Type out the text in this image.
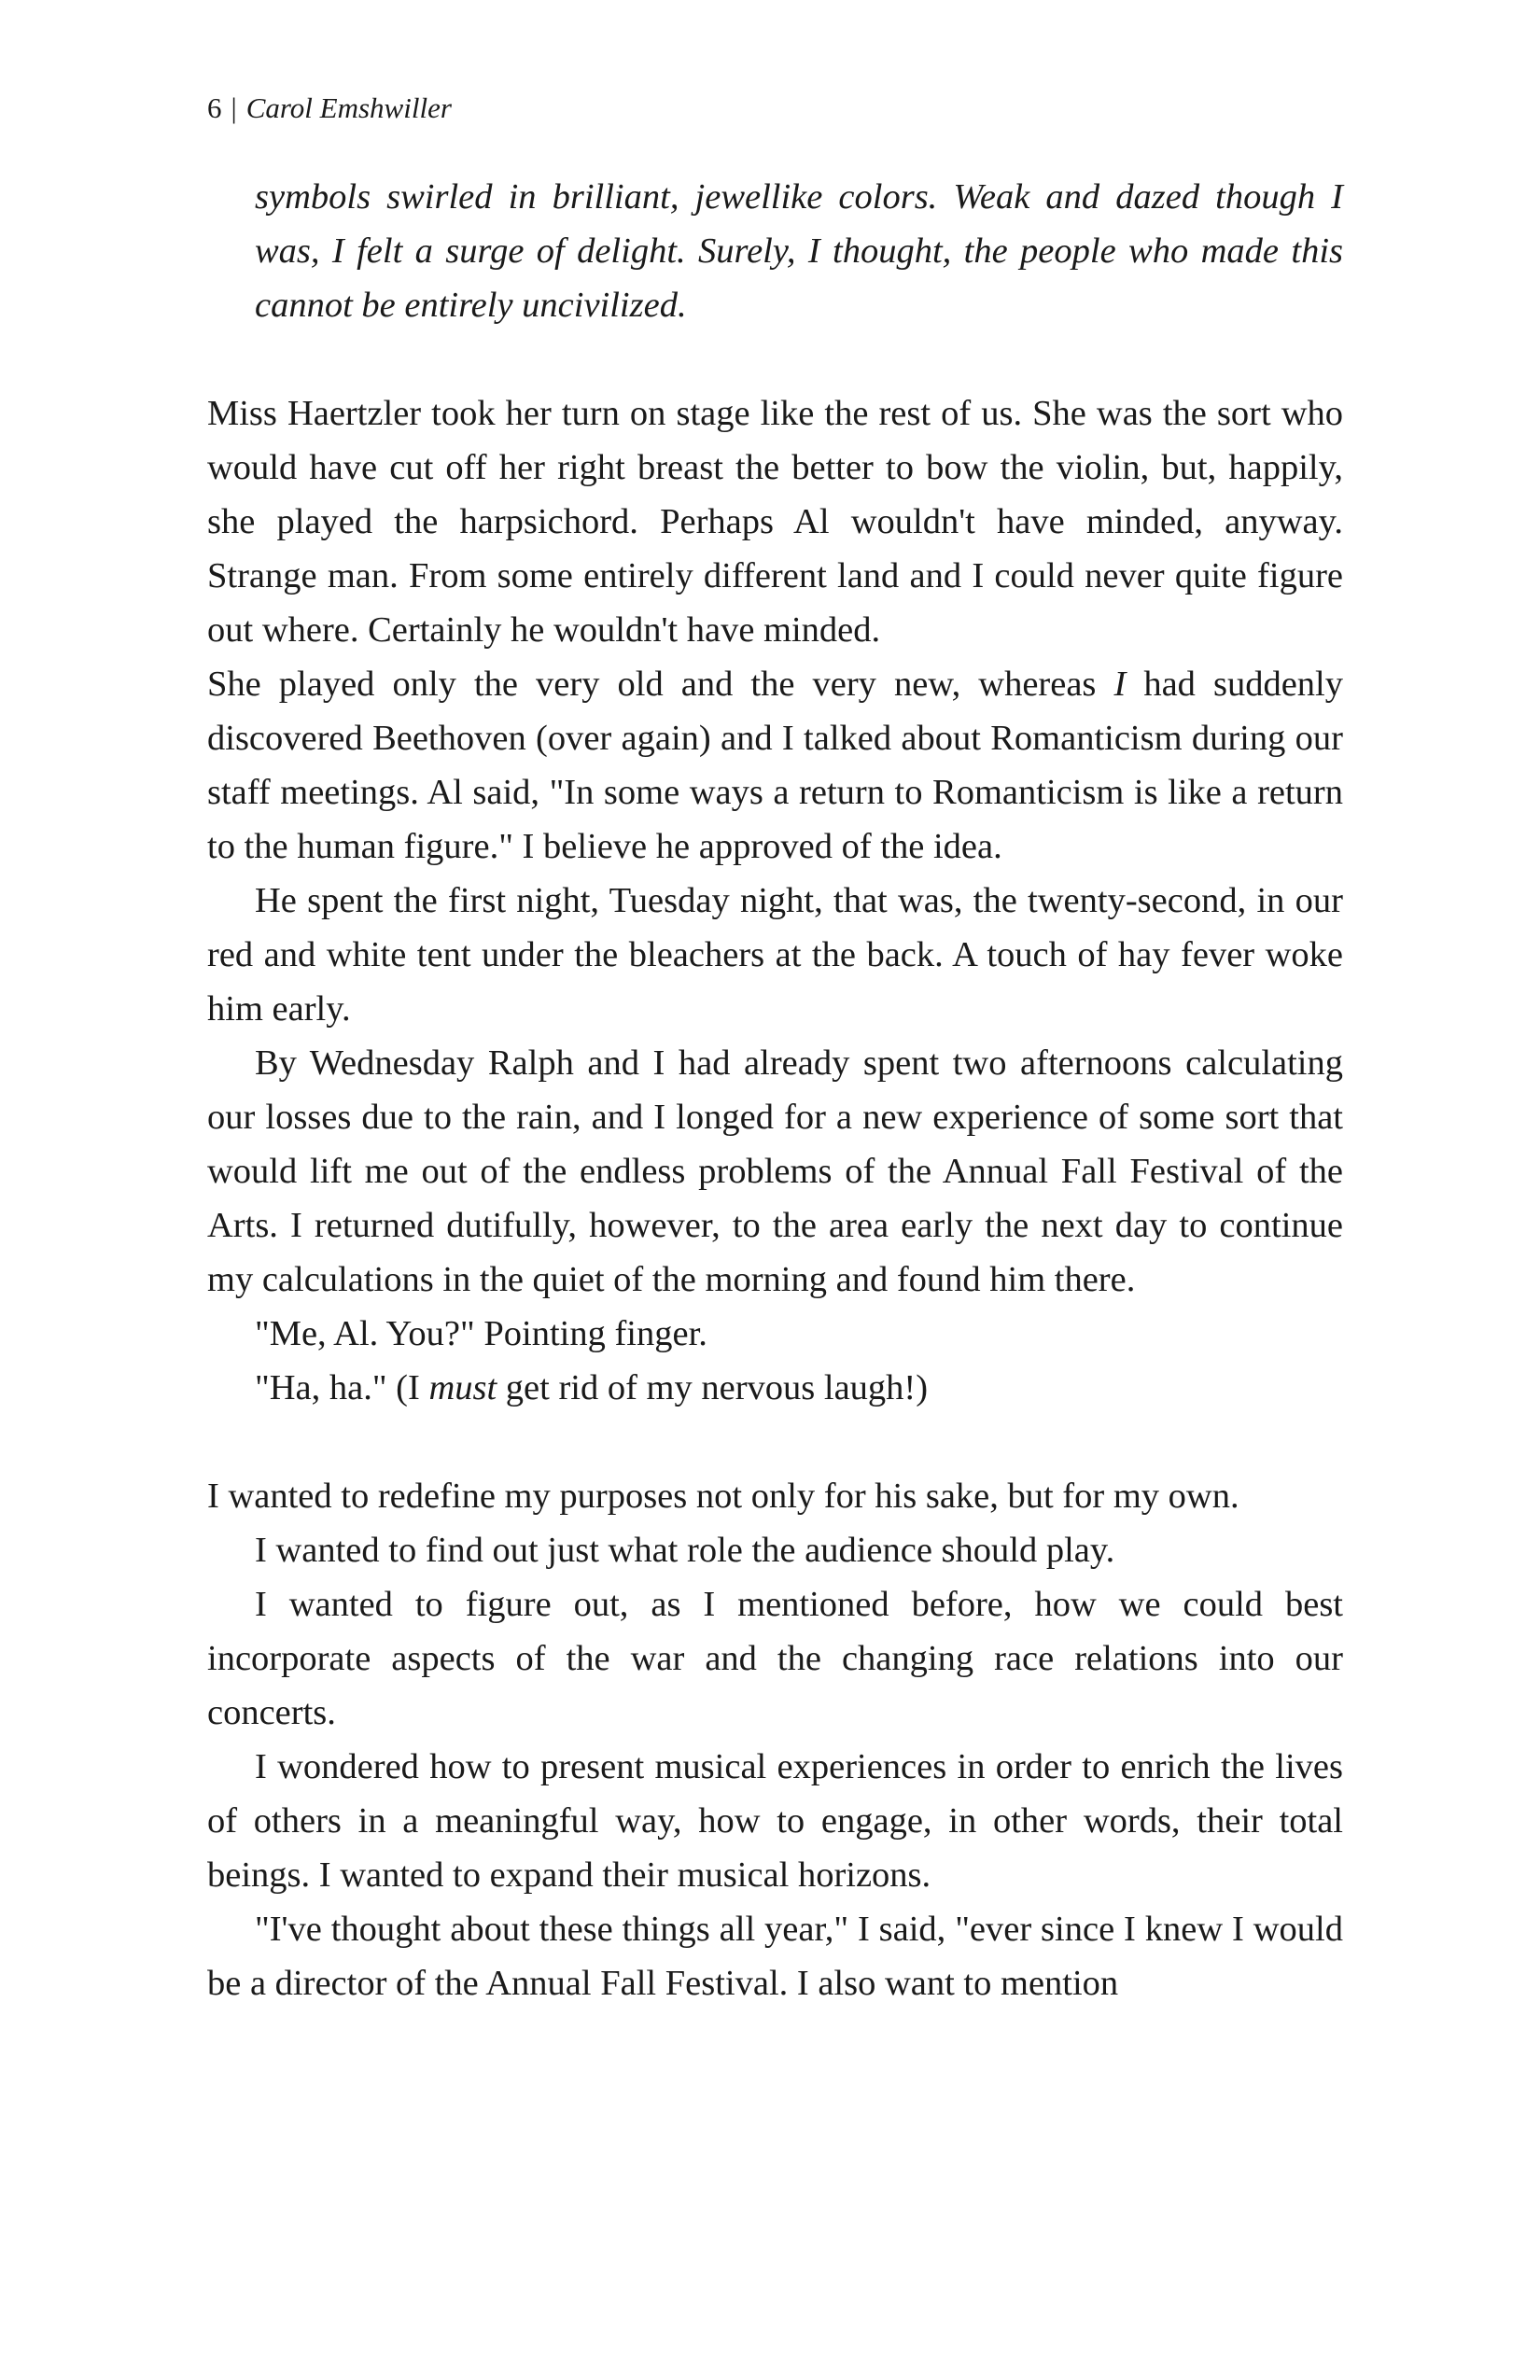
6 | Carol Emshwiller

symbols swirled in brilliant, jewellike colors. Weak and dazed though I was, I felt a surge of delight. Surely, I thought, the people who made this cannot be entirely uncivilized.

Miss Haertzler took her turn on stage like the rest of us. She was the sort who would have cut off her right breast the better to bow the violin, but, happily, she played the harpsichord. Perhaps Al wouldn't have minded, anyway. Strange man. From some entirely different land and I could never quite figure out where. Certainly he wouldn't have minded.

She played only the very old and the very new, whereas I had suddenly discovered Beethoven (over again) and I talked about Romanticism during our staff meetings. Al said, "In some ways a return to Romanticism is like a return to the human figure." I believe he approved of the idea.

He spent the first night, Tuesday night, that was, the twenty-second, in our red and white tent under the bleachers at the back. A touch of hay fever woke him early.

By Wednesday Ralph and I had already spent two afternoons calculating our losses due to the rain, and I longed for a new experience of some sort that would lift me out of the endless problems of the Annual Fall Festival of the Arts. I returned dutifully, however, to the area early the next day to continue my calculations in the quiet of the morning and found him there.

"Me, Al. You?" Pointing finger.

"Ha, ha." (I must get rid of my nervous laugh!)

I wanted to redefine my purposes not only for his sake, but for my own.

I wanted to find out just what role the audience should play.

I wanted to figure out, as I mentioned before, how we could best incorporate aspects of the war and the changing race relations into our concerts.

I wondered how to present musical experiences in order to enrich the lives of others in a meaningful way, how to engage, in other words, their total beings. I wanted to expand their musical horizons.

"I've thought about these things all year," I said, "ever since I knew I would be a director of the Annual Fall Festival. I also want to mention
